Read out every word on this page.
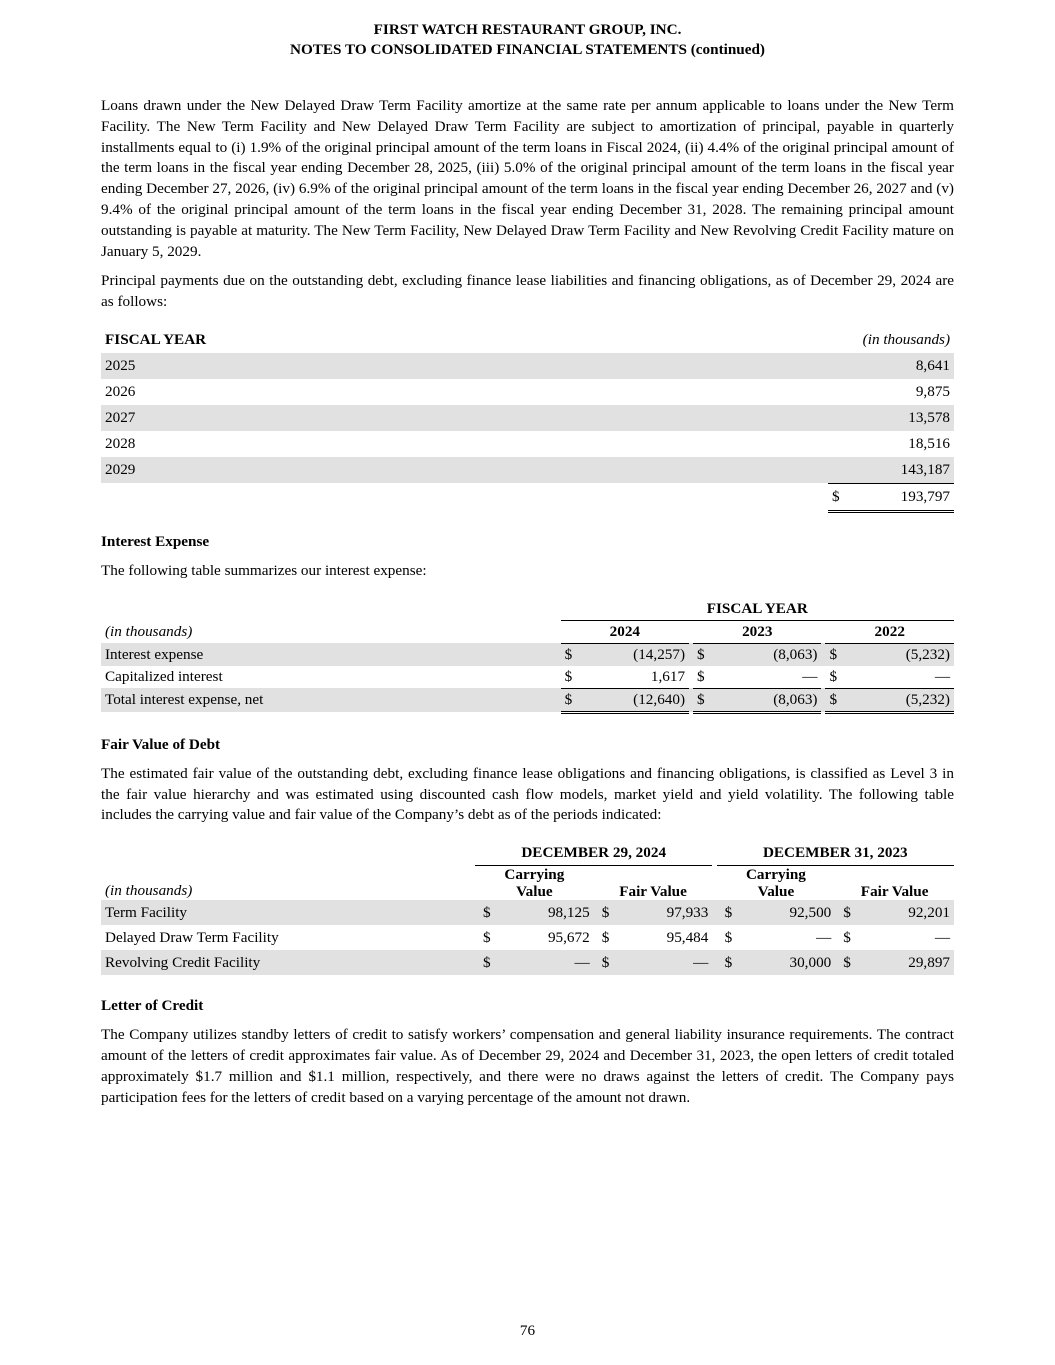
FIRST WATCH RESTAURANT GROUP, INC.
NOTES TO CONSOLIDATED FINANCIAL STATEMENTS (continued)

Loans drawn under the New Delayed Draw Term Facility amortize at the same rate per annum applicable to loans under the New Term Facility. The New Term Facility and New Delayed Draw Term Facility are subject to amortization of principal, payable in quarterly installments equal to (i) 1.9% of the original principal amount of the term loans in Fiscal 2024, (ii) 4.4% of the original principal amount of the term loans in the fiscal year ending December 28, 2025, (iii) 5.0% of the original principal amount of the term loans in the fiscal year ending December 27, 2026, (iv) 6.9% of the original principal amount of the term loans in the fiscal year ending December 26, 2027 and (v) 9.4% of the original principal amount of the term loans in the fiscal year ending December 31, 2028. The remaining principal amount outstanding is payable at maturity. The New Term Facility, New Delayed Draw Term Facility and New Revolving Credit Facility mature on January 5, 2029.

Principal payments due on the outstanding debt, excluding finance lease liabilities and financing obligations, as of December 29, 2024 are as follows:

FISCAL YEAR		(in thousands)
2025		8,641
2026		9,875
2027		13,578
2028		18,516
2029		143,187
	$	193,797
Interest Expense

The following table summarizes our interest expense:

	FISCAL YEAR							
(in thousands)	2024			2023			2022	
Interest expense	$	(14,257)		$	(8,063)		$	(5,232)
Capitalized interest	$	1,617		$	—		$	—
Total interest expense, net	$	(12,640)		$	(8,063)		$	(5,232)
Fair Value of Debt

The estimated fair value of the outstanding debt, excluding finance lease obligations and financing obligations, is classified as Level 3 in the fair value hierarchy and was estimated using discounted cash flow models, market yield and yield volatility. The following table includes the carrying value and fair value of the Company’s debt as of the periods indicated:

	DECEMBER 29, 2024					DECEMBER 31, 2023			
(in thousands)	Carrying
Value		Fair Value			Carrying
Value		Fair Value	
Term Facility	$	98,125	$	97,933		$	92,500	$	92,201
Delayed Draw Term Facility	$	95,672	$	95,484		$	—	$	—
Revolving Credit Facility	$	—	$	—		$	30,000	$	29,897
Letter of Credit

The Company utilizes standby letters of credit to satisfy workers’ compensation and general liability insurance requirements. The contract amount of the letters of credit approximates fair value. As of December 29, 2024 and December 31, 2023, the open letters of credit totaled approximately $1.7 million and $1.1 million, respectively, and there were no draws against the letters of credit. The Company pays participation fees for the letters of credit based on a varying percentage of the amount not drawn.

76
